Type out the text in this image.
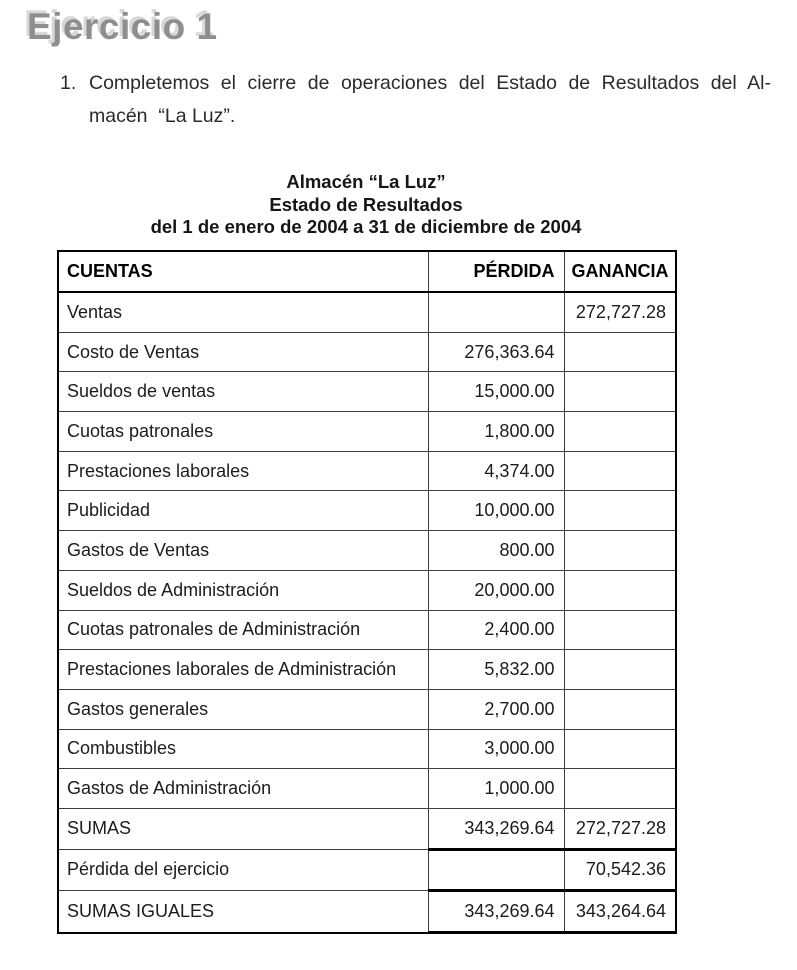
Ejercicio 1
1. Completemos el cierre de operaciones del Estado de Resultados del Al-
macén  “La Luz”.
Almacén “La Luz”
Estado de Resultados
del 1 de enero de 2004 a 31 de diciembre de 2004
CUENTAS	PÉRDIDA	GANANCIA
Ventas		272,727.28
Costo de Ventas	276,363.64	
Sueldos de ventas	15,000.00	
Cuotas patronales	1,800.00	
Prestaciones laborales	4,374.00	
Publicidad	10,000.00	
Gastos de Ventas	800.00	
Sueldos de Administración	20,000.00	
Cuotas patronales de Administración	2,400.00	
Prestaciones laborales de Administración	5,832.00	
Gastos generales	2,700.00	
Combustibles	3,000.00	
Gastos de Administración	1,000.00	
SUMAS	343,269.64	272,727.28
Pérdida del ejercicio		70,542.36
SUMAS IGUALES	343,269.64	343,264.64
